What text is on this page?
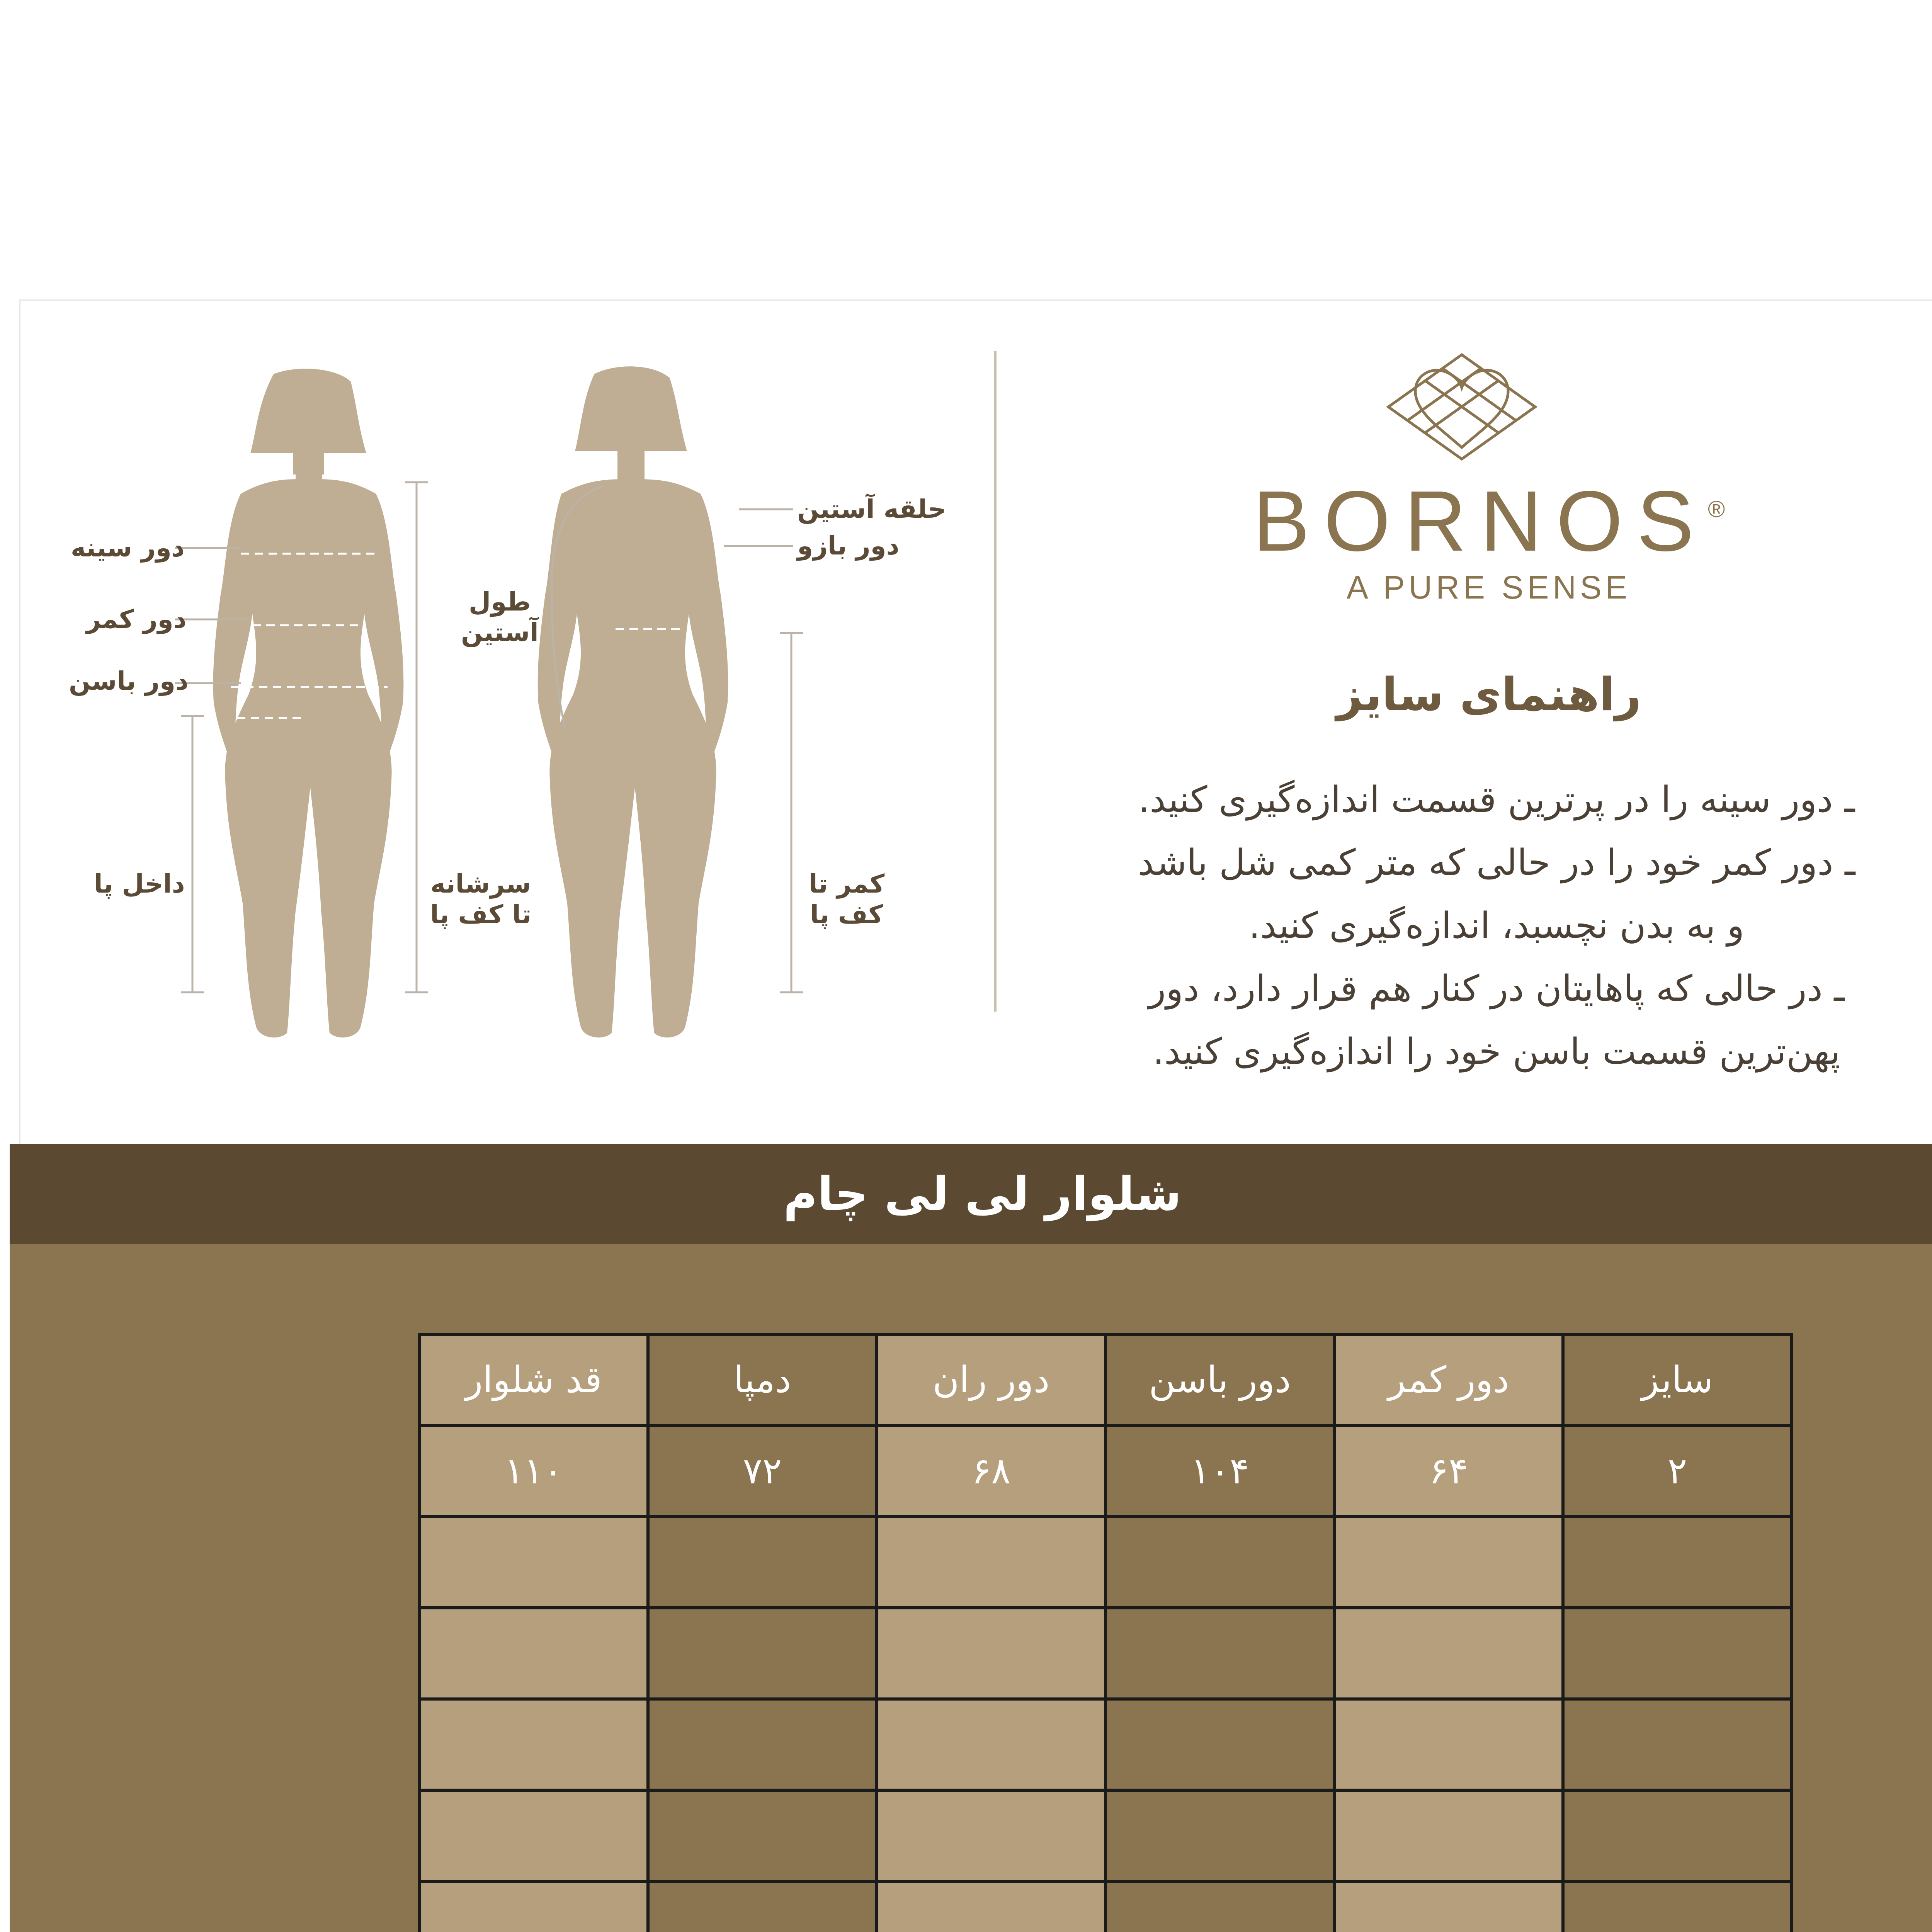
دور سینه
دور کمر
دور باسن
داخل پا	سرشانه
تا کف پا
طول
آستین
حلقه آستین
دور بازو
کمر تا
کف پا
BORNOS®
A PURE SENSE
راهنمای سایز
ـ دور سینه را در پرترین قسمت اندازه‌گیری کنید.
ـ دور کمر خود را در حالی که متر کمی شل باشد
و به بدن نچسبد، اندازه‌گیری کنید.
ـ در حالی که پاهایتان در کنار هم قرار دارد، دور
پهن‌ترین قسمت باسن خود را اندازه‌گیری کنید.
شلوار لی لی چام
سایز	دور کمر	دور باسن	دور ران	دمپا	قد شلوار
۲	۶۴	۱۰۴	۶۸	۷۲	۱۱۰
